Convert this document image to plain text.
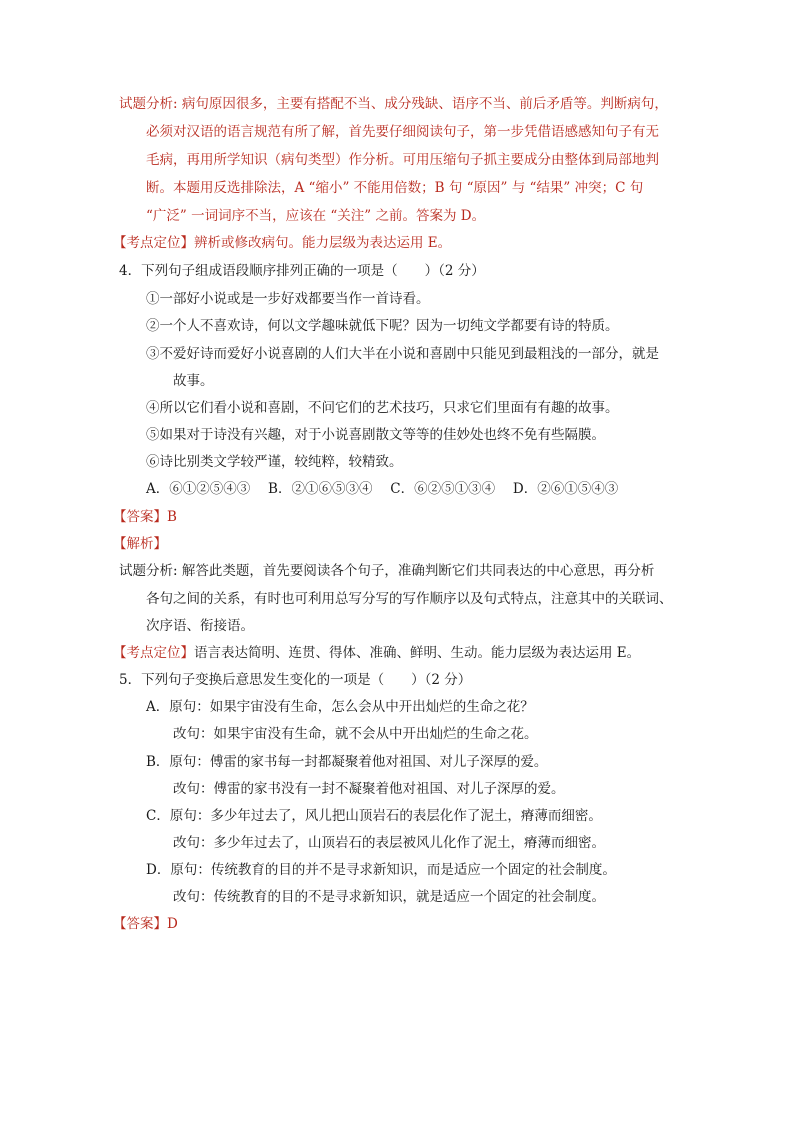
试题分析: 病句原因很多，主要有搭配不当、成分残缺、语序不当、前后矛盾等。判断病句，
必须对汉语的语言规范有所了解，首先要仔细阅读句子，第一步凭借语感感知句子有无
毛病，再用所学知识（病句类型）作分析。可用压缩句子抓主要成分由整体到局部地判
断。本题用反选排除法，A “缩小” 不能用倍数；B 句 “原因” 与 “结果” 冲突；C 句
“广泛” 一词词序不当，应该在 “关注” 之前。答案为 D。
【考点定位】辨析或修改病句。能力层级为表达运用 E。
4．下列句子组成语段顺序排列正确的一项是（　　）（2 分）
①一部好小说或是一步好戏都要当作一首诗看。
②一个人不喜欢诗，何以文学趣味就低下呢？因为一切纯文学都要有诗的特质。
③不爱好诗而爱好小说喜剧的人们大半在小说和喜剧中只能见到最粗浅的一部分，就是
故事。
④所以它们看小说和喜剧，不问它们的艺术技巧，只求它们里面有有趣的故事。
⑤如果对于诗没有兴趣，对于小说喜剧散文等等的佳妙处也终不免有些隔膜。
⑥诗比别类文学较严谨，较纯粹，较精致。
A．⑥①②⑤④③　 B．②①⑥⑤③④　 C．⑥②⑤①③④　 D．②⑥①⑤④③
【答案】B
【解析】
试题分析: 解答此类题，首先要阅读各个句子，准确判断它们共同表达的中心意思，再分析
各句之间的关系，有时也可利用总写分写的写作顺序以及句式特点，注意其中的关联词、
次序语、衔接语。
【考点定位】语言表达简明、连贯、得体、准确、鲜明、生动。能力层级为表达运用 E。
5．下列句子变换后意思发生变化的一项是（　　）（2 分）
A．原句：如果宇宙没有生命，怎么会从中开出灿烂的生命之花？
改句：如果宇宙没有生命，就不会从中开出灿烂的生命之花。
B．原句：傅雷的家书每一封都凝聚着他对祖国、对儿子深厚的爱。
改句：傅雷的家书没有一封不凝聚着他对祖国、对儿子深厚的爱。
C．原句：多少年过去了，风儿把山顶岩石的表层化作了泥土，瘠薄而细密。
改句：多少年过去了，山顶岩石的表层被风儿化作了泥土，瘠薄而细密。
D．原句：传统教育的目的并不是寻求新知识，而是适应一个固定的社会制度。
改句：传统教育的目的不是寻求新知识，就是适应一个固定的社会制度。
【答案】D
